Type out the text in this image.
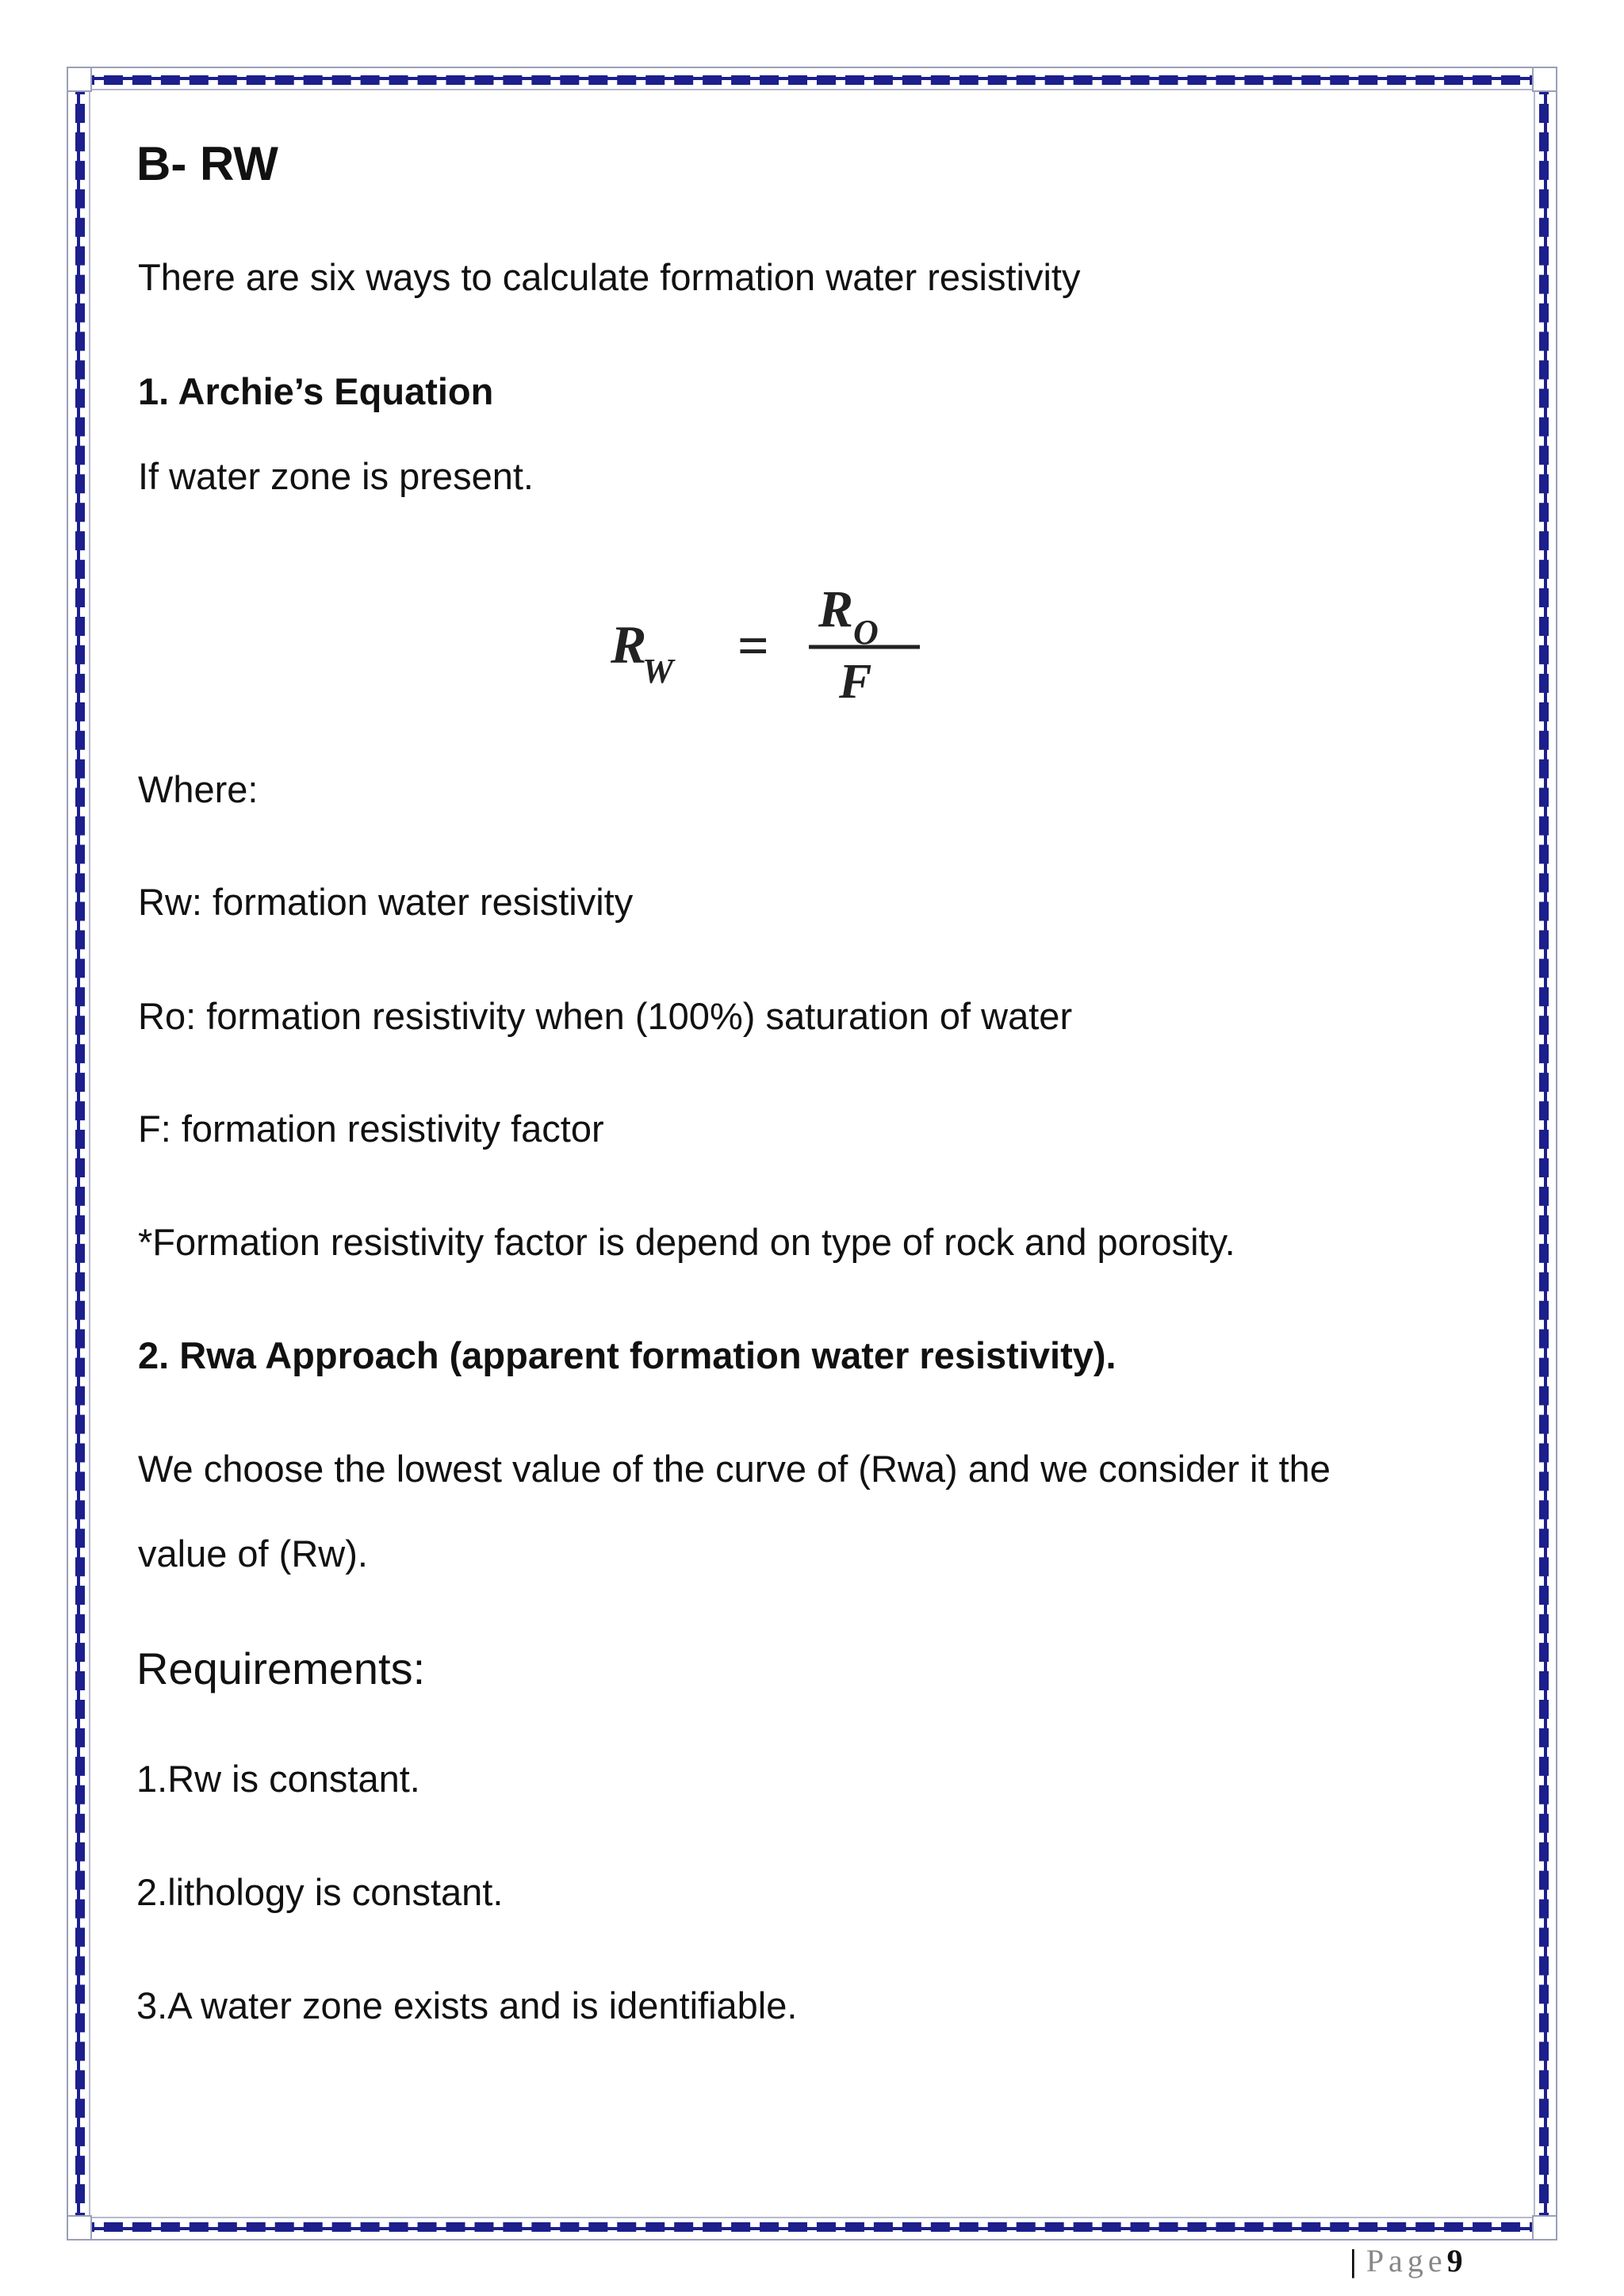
B- RW

There are six ways to calculate formation water resistivity

1. Archie’s Equation

If water zone is present.

R
W =
R O
F

Where:

Rw: formation water resistivity

Ro: formation resistivity when (100%) saturation of water

F: formation resistivity factor

*Formation resistivity factor is depend on type of rock and porosity.

2. Rwa Approach (apparent formation water resistivity).

We choose the lowest value of the curve of (Rwa) and we consider it the

value of (Rw).

Requirements:

1.Rw is constant.

2.lithology is constant.

3.A water zone exists and is identifiable.

| Page9
